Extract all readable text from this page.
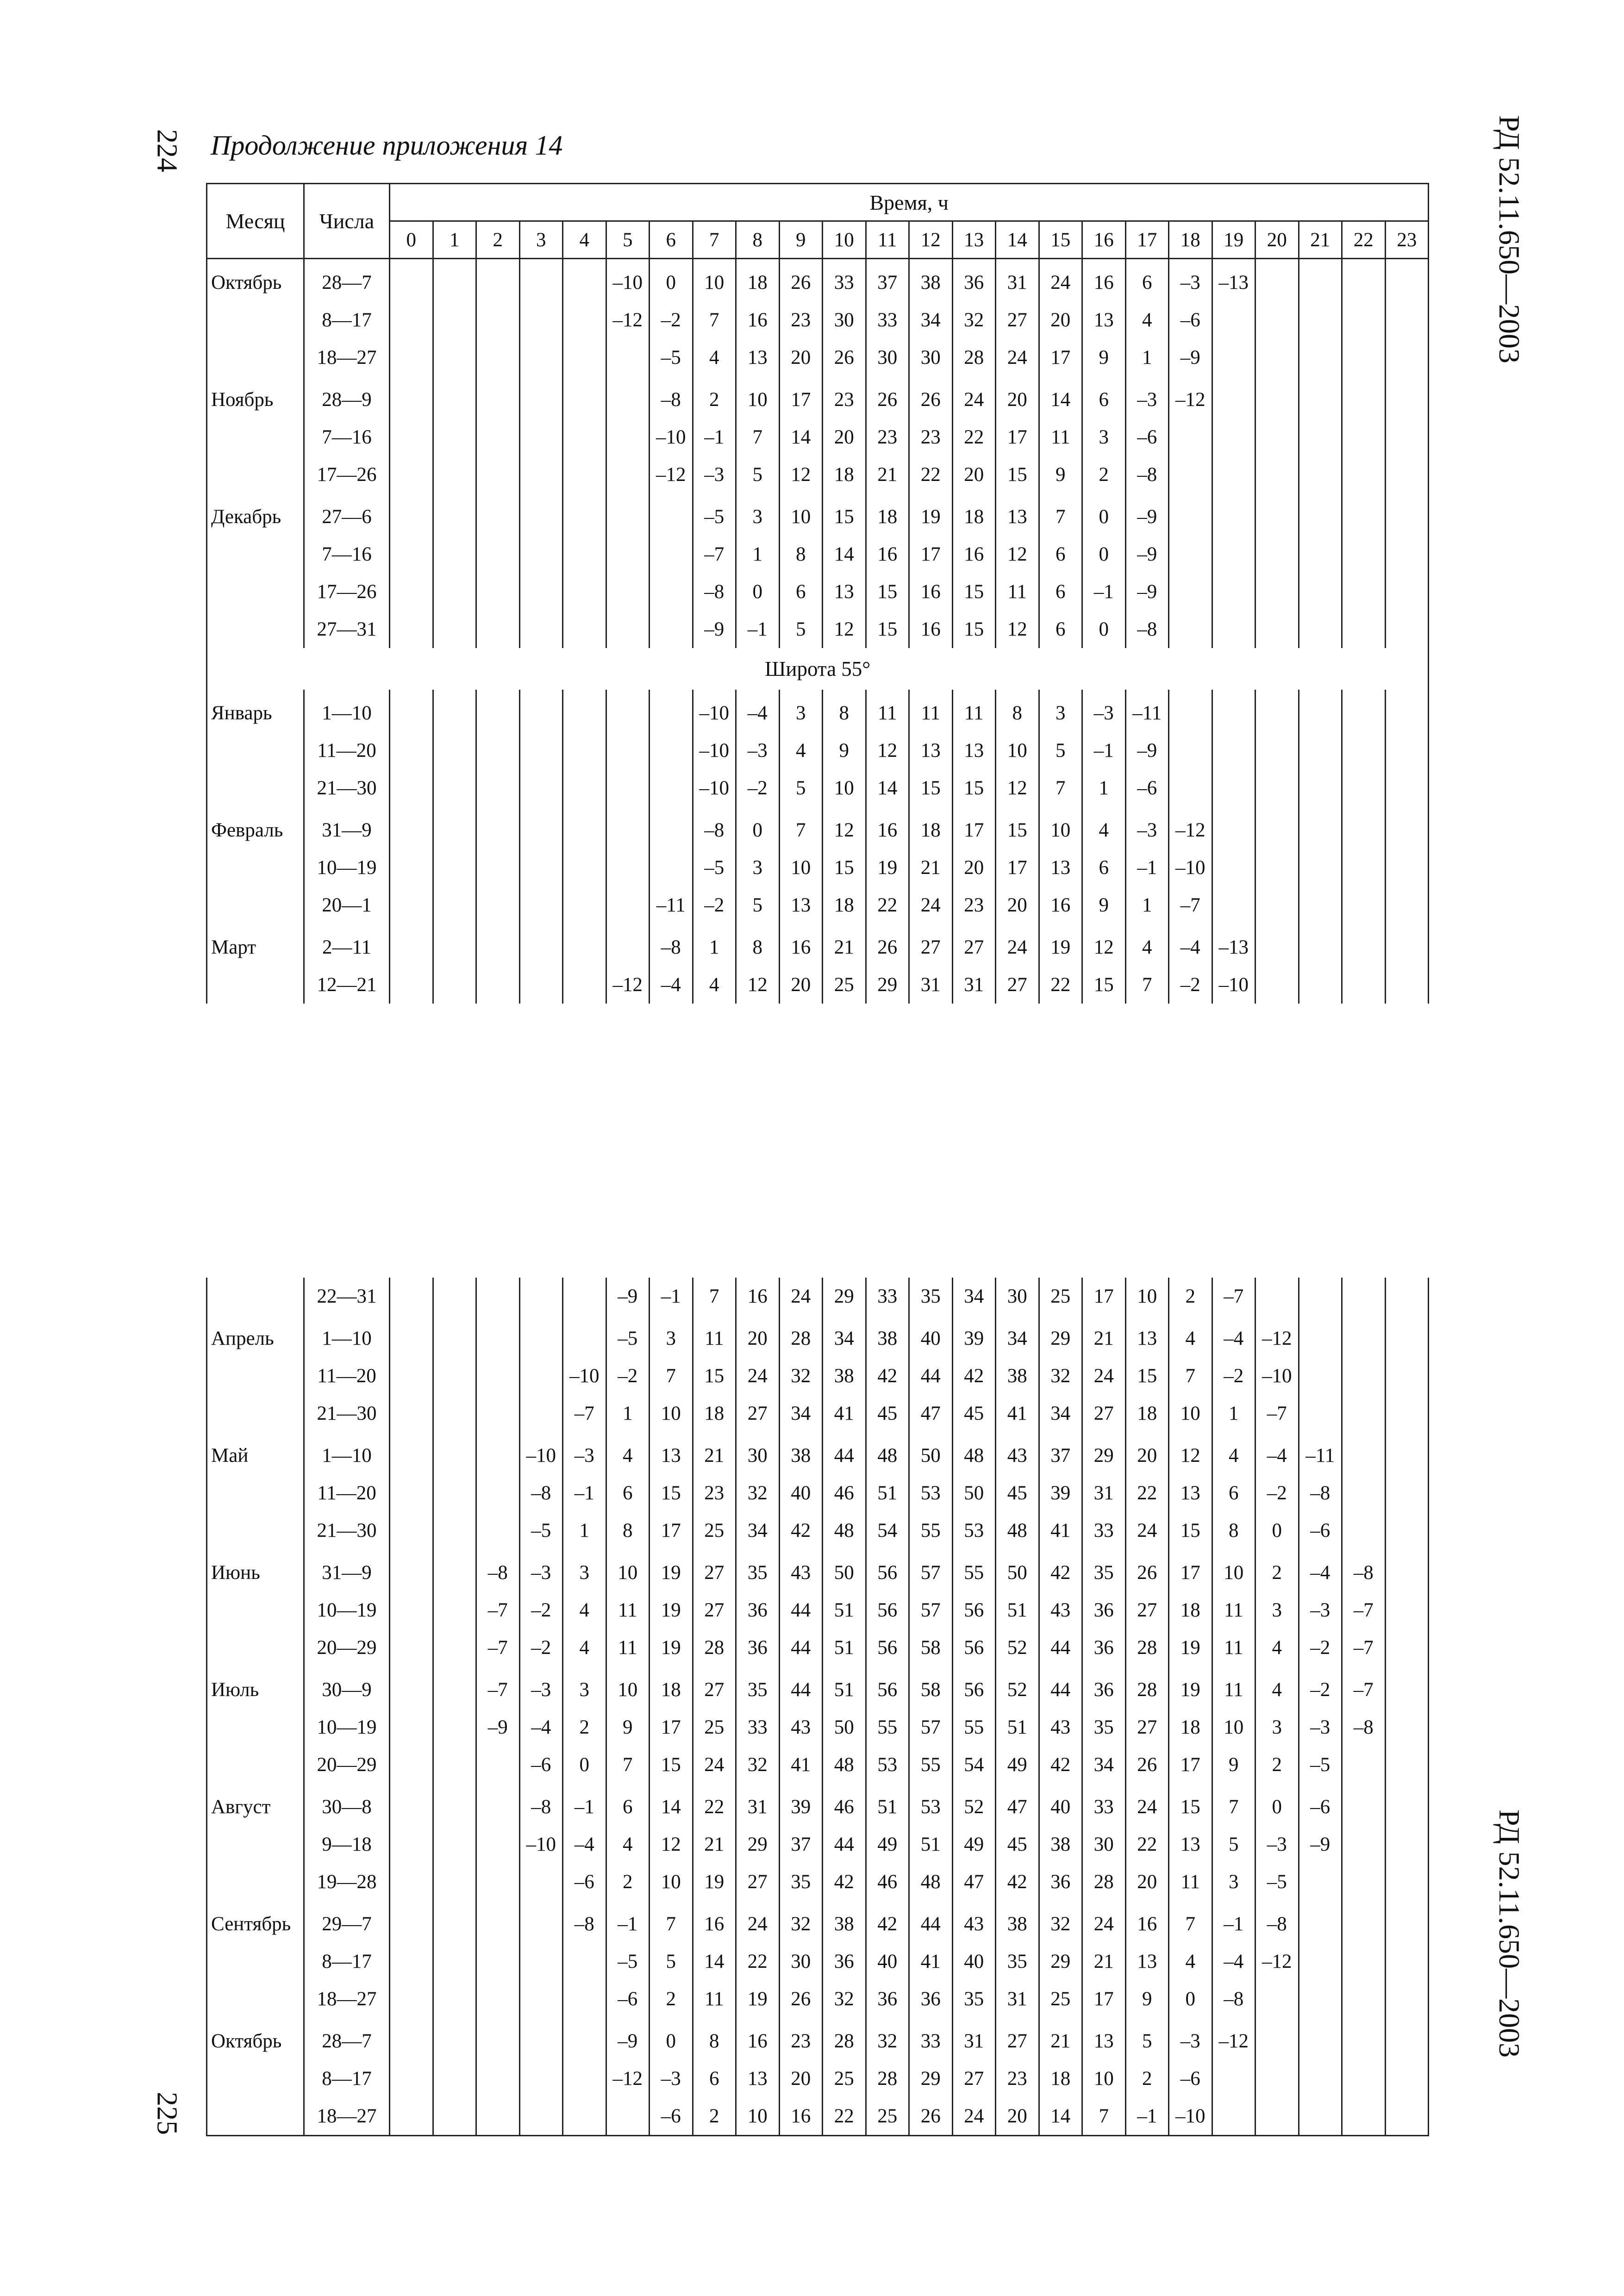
224 Продолжение приложения 14	РД 52.11.650—2003
Месяц	Числа	Время, ч																							
		0	1	2	3	4	5	6	7	8	9	10	11	12	13	14	15	16	17	18	19	20	21	22	23
Октябрь	28—7						–10	0	10	18	26	33	37	38	36	31	24	16	6	–3	–13				
	8—17						–12	–2	7	16	23	30	33	34	32	27	20	13	4	–6					
	18—27							–5	4	13	20	26	30	30	28	24	17	9	1	–9					
Ноябрь	28—9							–8	2	10	17	23	26	26	24	20	14	6	–3	–12					
	7—16							–10	–1	7	14	20	23	23	22	17	11	3	–6						
	17—26							–12	–3	5	12	18	21	22	20	15	9	2	–8						
Декабрь	27—6								–5	3	10	15	18	19	18	13	7	0	–9						
	7—16								–7	1	8	14	16	17	16	12	6	0	–9						
	17—26								–8	0	6	13	15	16	15	11	6	–1	–9						
	27—31								–9	–1	5	12	15	16	15	12	6	0	–8						
Широта 55°																									
Январь	1—10								–10	–4	3	8	11	11	11	8	3	–3	–11						
	11—20								–10	–3	4	9	12	13	13	10	5	–1	–9						
	21—30								–10	–2	5	10	14	15	15	12	7	1	–6						
Февраль	31—9								–8	0	7	12	16	18	17	15	10	4	–3	–12					
	10—19								–5	3	10	15	19	21	20	17	13	6	–1	–10					
	20—1							–11	–2	5	13	18	22	24	23	20	16	9	1	–7					
Март	2—11							–8	1	8	16	21	26	27	27	24	19	12	4	–4	–13				
	12—21						–12	–4	4	12	20	25	29	31	31	27	22	15	7	–2	–10				
	22—31						–9	–1	7	16	24	29	33	35	34	30	25	17	10	2	–7				
Апрель	1—10						–5	3	11	20	28	34	38	40	39	34	29	21	13	4	–4	–12			
	11—20					–10	–2	7	15	24	32	38	42	44	42	38	32	24	15	7	–2	–10			
	21—30					–7	1	10	18	27	34	41	45	47	45	41	34	27	18	10	1	–7			
Май	1—10				–10	–3	4	13	21	30	38	44	48	50	48	43	37	29	20	12	4	–4	–11		
	11—20				–8	–1	6	15	23	32	40	46	51	53	50	45	39	31	22	13	6	–2	–8		
	21—30				–5	1	8	17	25	34	42	48	54	55	53	48	41	33	24	15	8	0	–6		
Июнь	31—9			–8	–3	3	10	19	27	35	43	50	56	57	55	50	42	35	26	17	10	2	–4	–8	
	10—19			–7	–2	4	11	19	27	36	44	51	56	57	56	51	43	36	27	18	11	3	–3	–7	
	20—29			–7	–2	4	11	19	28	36	44	51	56	58	56	52	44	36	28	19	11	4	–2	–7	
Июль	30—9			–7	–3	3	10	18	27	35	44	51	56	58	56	52	44	36	28	19	11	4	–2	–7	
	10—19			–9	–4	2	9	17	25	33	43	50	55	57	55	51	43	35	27	18	10	3	–3	–8	
	20—29				–6	0	7	15	24	32	41	48	53	55	54	49	42	34	26	17	9	2	–5		
Август	30—8				–8	–1	6	14	22	31	39	46	51	53	52	47	40	33	24	15	7	0	–6		
	9—18				–10	–4	4	12	21	29	37	44	49	51	49	45	38	30	22	13	5	–3	–9		
	19—28					–6	2	10	19	27	35	42	46	48	47	42	36	28	20	11	3	–5			
Сентябрь	29—7					–8	–1	7	16	24	32	38	42	44	43	38	32	24	16	7	–1	–8			
	8—17						–5	5	14	22	30	36	40	41	40	35	29	21	13	4	–4	–12			
	18—27						–6	2	11	19	26	32	36	36	35	31	25	17	9	0	–8				
Октябрь	28—7						–9	0	8	16	23	28	32	33	31	27	21	13	5	–3	–12				
	8—17						–12	–3	6	13	20	25	28	29	27	23	18	10	2	–6					
	18—27							–6	2	10	16	22	25	26	24	20	14	7	–1	–10					
225
РД 52.11.650—2003
